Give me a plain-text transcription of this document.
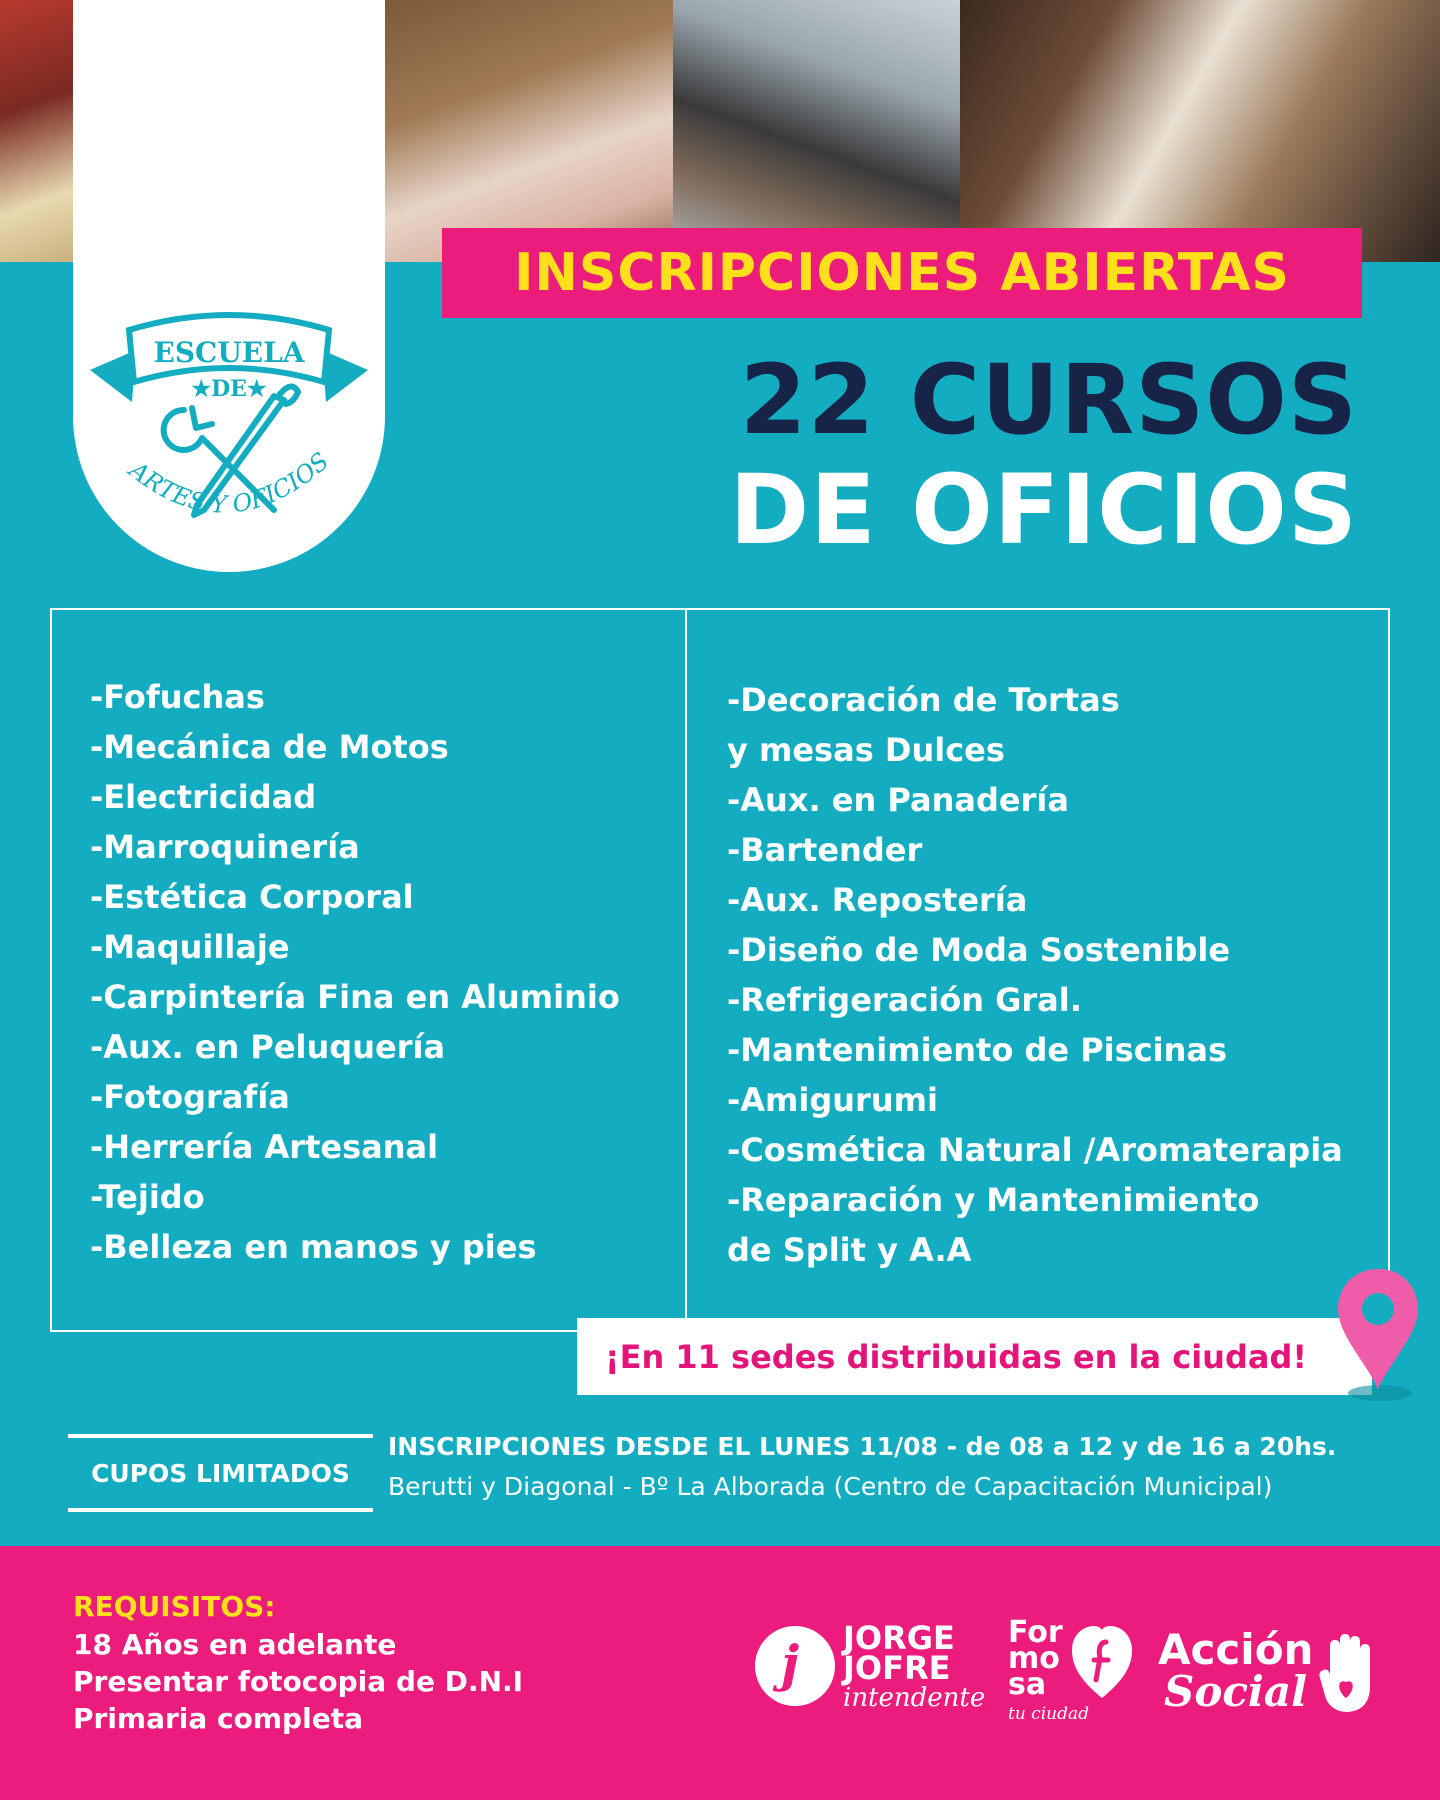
ESCUELA
★DE★
ARTES Y OFICIOS
INSCRIPCIONES ABIERTAS
22 CURSOS
DE OFICIOS
-Fofuchas
-Mecánica de Motos
-Electricidad
-Marroquinería
-Estética Corporal
-Maquillaje
-Carpintería Fina en Aluminio
-Aux. en Peluquería
-Fotografía
-Herrería Artesanal
-Tejido
-Belleza en manos y pies
-Decoración de Tortas
y mesas Dulces
-Aux. en Panadería
-Bartender
-Aux. Repostería
-Diseño de Moda Sostenible
-Refrigeración Gral.
-Mantenimiento de Piscinas
-Amigurumi
-Cosmética Natural /Aromaterapia
-Reparación y Mantenimiento
de Split y A.A
¡En 11 sedes distribuidas en la ciudad!
CUPOS LIMITADOS
INSCRIPCIONES DESDE EL LUNES 11/08 - de 08 a 12 y de 16 a 20hs.
Berutti y Diagonal - Bº La Alborada (Centro de Capacitación Municipal)
REQUISITOS:
18 Años en adelante
Presentar fotocopia de D.N.I
Primaria completa
j JORGE
JOFRE
intendente
For
mo
sa
tu ciudad
Acción
Social
